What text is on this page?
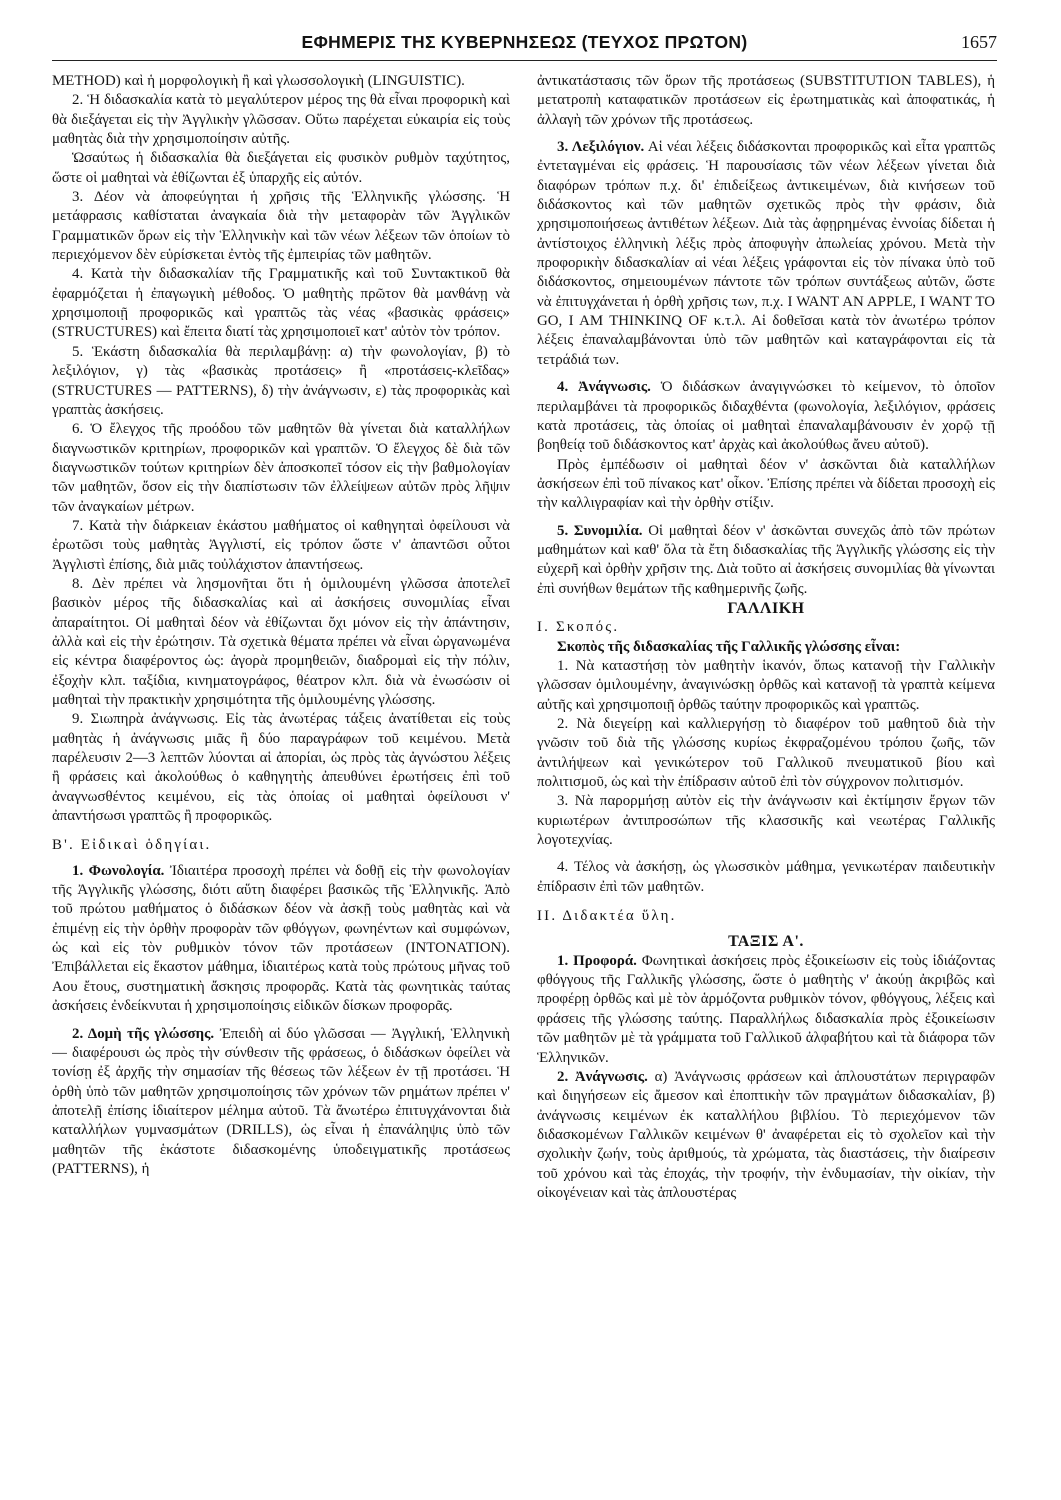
ΕΦΗΜΕΡΙΣ ΤΗΣ ΚΥΒΕΡΝΗΣΕΩΣ (ΤΕΥΧΟΣ ΠΡΩΤΟΝ)	1657

METHOD) καὶ ἡ μορφολογικὴ ἢ καὶ γλωσσολογικὴ (LINGUISTIC).

2. Ἡ διδασκαλία κατὰ τὸ μεγαλύτερον μέρος της θὰ εἶναι προφορικὴ καὶ θὰ διεξάγεται εἰς τὴν Ἀγγλικὴν γλῶσσαν. Οὕτω παρέχεται εὐκαιρία εἰς τοὺς μαθητὰς διὰ τὴν χρησιμοποίησιν αὐτῆς.

Ὡσαύτως ἡ διδασκαλία θὰ διεξάγεται εἰς φυσικὸν ρυθμὸν ταχύτητος, ὥστε οἱ μαθηταὶ νὰ ἐθίζωνται ἐξ ὑπαρχῆς εἰς αὐτόν.

3. Δέον νὰ ἀποφεύγηται ἡ χρῆσις τῆς Ἑλληνικῆς γλώσσης. Ἡ μετάφρασις καθίσταται ἀναγκαία διὰ τὴν μεταφορὰν τῶν Ἀγγλικῶν Γραμματικῶν ὅρων εἰς τὴν Ἑλληνικὴν καὶ τῶν νέων λέξεων τῶν ὁποίων τὸ περιεχόμενον δὲν εὑρίσκεται ἐντὸς τῆς ἐμπειρίας τῶν μαθητῶν.

4. Κατὰ τὴν διδασκαλίαν τῆς Γραμματικῆς καὶ τοῦ Συντακτικοῦ θὰ ἐφαρμόζεται ἡ ἐπαγωγικὴ μέθοδος. Ὁ μαθητὴς πρῶτον θὰ μανθάνῃ νὰ χρησιμοποιῇ προφορικῶς καὶ γραπτῶς τὰς νέας «βασικὰς φράσεις» (STRUCTURES) καὶ ἔπειτα διατί τὰς χρησιμοποιεῖ κατ' αὐτὸν τὸν τρόπον.

5. Ἑκάστη διδασκαλία θὰ περιλαμβάνῃ: α) τὴν φωνολογίαν, β) τὸ λεξιλόγιον, γ) τὰς «βασικὰς προτάσεις» ἢ «προτάσεις-κλεῖδας» (STRUCTURES — PATTERNS), δ) τὴν ἀνάγνωσιν, ε) τὰς προφορικὰς καὶ γραπτὰς ἀσκήσεις.

6. Ὁ ἔλεγχος τῆς προόδου τῶν μαθητῶν θὰ γίνεται διὰ καταλλήλων διαγνωστικῶν κριτηρίων, προφορικῶν καὶ γραπτῶν. Ὁ ἔλεγχος δὲ διὰ τῶν διαγνωστικῶν τούτων κριτηρίων δὲν ἀποσκοπεῖ τόσον εἰς τὴν βαθμολογίαν τῶν μαθητῶν, ὅσον εἰς τὴν διαπίστωσιν τῶν ἐλλείψεων αὐτῶν πρὸς λῆψιν τῶν ἀναγκαίων μέτρων.

7. Κατὰ τὴν διάρκειαν ἑκάστου μαθήματος οἱ καθηγηταὶ ὀφείλουσι νὰ ἐρωτῶσι τοὺς μαθητὰς Ἀγγλιστί, εἰς τρόπον ὥστε ν' ἀπαντῶσι οὗτοι Ἀγγλιστὶ ἐπίσης, διὰ μιᾶς τοὐλάχιστον ἀπαντήσεως.

8. Δὲν πρέπει νὰ λησμονῆται ὅτι ἡ ὁμιλουμένη γλῶσσα ἀποτελεῖ βασικὸν μέρος τῆς διδασκαλίας καὶ αἱ ἀσκήσεις συνομιλίας εἶναι ἀπαραίτητοι. Οἱ μαθηταὶ δέον νὰ ἐθίζωνται ὄχι μόνον εἰς τὴν ἀπάντησιν, ἀλλὰ καὶ εἰς τὴν ἐρώτησιν. Τὰ σχετικὰ θέματα πρέπει νὰ εἶναι ὠργανωμένα εἰς κέντρα διαφέροντος ὡς: ἀγορὰ προμηθειῶν, διαδρομαὶ εἰς τὴν πόλιν, ἐξοχὴν κλπ. ταξίδια, κινηματογράφος, θέατρον κλπ. διὰ νὰ ἐνωσώσιν οἱ μαθηταὶ τὴν πρακτικὴν χρησιμότητα τῆς ὁμιλουμένης γλώσσης.

9. Σιωπηρὰ ἀνάγνωσις. Εἰς τὰς ἀνωτέρας τάξεις ἀνατίθεται εἰς τοὺς μαθητὰς ἡ ἀνάγνωσις μιᾶς ἢ δύο παραγράφων τοῦ κειμένου. Μετὰ παρέλευσιν 2—3 λεπτῶν λύονται αἱ ἀπορίαι, ὡς πρὸς τὰς ἀγνώστου λέξεις ἢ φράσεις καὶ ἀκολούθως ὁ καθηγητὴς ἀπευθύνει ἐρωτήσεις ἐπὶ τοῦ ἀναγνωσθέντος κειμένου, εἰς τὰς ὁποίας οἱ μαθηταὶ ὀφείλουσι ν' ἀπαντήσωσι γραπτῶς ἢ προφορικῶς.

Β'. Εἰδικαὶ ὁδηγίαι.

1. Φωνολογία. Ἰδιαιτέρα προσοχὴ πρέπει νὰ δοθῇ εἰς τὴν φωνολογίαν τῆς Ἀγγλικῆς γλώσσης, διότι αὕτη διαφέρει βασικῶς τῆς Ἑλληνικῆς. Ἀπὸ τοῦ πρώτου μαθήματος ὁ διδάσκων δέον νὰ ἀσκῇ τοὺς μαθητὰς καὶ νὰ ἐπιμένῃ εἰς τὴν ὀρθὴν προφορὰν τῶν φθόγγων, φωνηέντων καὶ συμφώνων, ὡς καὶ εἰς τὸν ρυθμικὸν τόνον τῶν προτάσεων (INTONATION). Ἐπιβάλλεται εἰς ἕκαστον μάθημα, ἰδιαιτέρως κατὰ τοὺς πρώτους μῆνας τοῦ Αου ἔτους, συστηματικὴ ἄσκησις προφορᾶς. Κατὰ τὰς φωνητικὰς ταύτας ἀσκήσεις ἐνδείκνυται ἡ χρησιμοποίησις εἰδικῶν δίσκων προφορᾶς.

2. Δομὴ τῆς γλώσσης. Ἐπειδὴ αἱ δύο γλῶσσαι — Ἀγγλική, Ἑλληνικὴ — διαφέρουσι ὡς πρὸς τὴν σύνθεσιν τῆς φράσεως, ὁ διδάσκων ὀφείλει νὰ τονίσῃ ἐξ ἀρχῆς τὴν σημασίαν τῆς θέσεως τῶν λέξεων ἐν τῇ προτάσει. Ἡ ὀρθὴ ὑπὸ τῶν μαθητῶν χρησιμοποίησις τῶν χρόνων τῶν ρημάτων πρέπει ν' ἀποτελῇ ἐπίσης ἰδιαίτερον μέλημα αὐτοῦ. Τὰ ἄνωτέρω ἐπιτυγχάνονται διὰ καταλλήλων γυμνασμάτων (DRILLS), ὡς εἶναι ἡ ἐπανάληψις ὑπὸ τῶν μαθητῶν τῆς ἑκάστοτε διδασκομένης ὑποδειγματικῆς προτάσεως (PATTERNS), ἡ

ἀντικατάστασις τῶν ὅρων τῆς προτάσεως (SUBSTITUTION TABLES), ἡ μετατροπὴ καταφατικῶν προτάσεων εἰς ἐρωτηματικὰς καὶ ἀποφατικάς, ἡ ἀλλαγὴ τῶν χρόνων τῆς προτάσεως.

3. Λεξιλόγιον. Αἱ νέαι λέξεις διδάσκονται προφορικῶς καὶ εἶτα γραπτῶς ἐντεταγμέναι εἰς φράσεις. Ἡ παρουσίασις τῶν νέων λέξεων γίνεται διὰ διαφόρων τρόπων π.χ. δι' ἐπιδείξεως ἀντικειμένων, διὰ κινήσεων τοῦ διδάσκοντος καὶ τῶν μαθητῶν σχετικῶς πρὸς τὴν φράσιν, διὰ χρησιμοποιήσεως ἀντιθέτων λέξεων. Διὰ τὰς ἀφῃρημένας ἐννοίας δίδεται ἡ ἀντίστοιχος ἑλληνικὴ λέξις πρὸς ἀποφυγὴν ἀπωλείας χρόνου. Μετὰ τὴν προφορικὴν διδασκαλίαν αἱ νέαι λέξεις γράφονται εἰς τὸν πίνακα ὑπὸ τοῦ διδάσκοντος, σημειουμένων πάντοτε τῶν τρόπων συντάξεως αὐτῶν, ὥστε νὰ ἐπιτυγχάνεται ἡ ὀρθὴ χρῆσις των, π.χ. I WANT AN APPLE, I WANT TO GO, I AM THINKINQ OF κ.τ.λ. Αἱ δοθεῖσαι κατὰ τὸν ἀνωτέρω τρόπον λέξεις ἐπαναλαμβάνονται ὑπὸ τῶν μαθητῶν καὶ καταγράφονται εἰς τὰ τετράδιά των.

4. Ἀνάγνωσις. Ὁ διδάσκων ἀναγιγνώσκει τὸ κείμενον, τὸ ὁποῖον περιλαμβάνει τὰ προφορικῶς διδαχθέντα (φωνολογία, λεξιλόγιον, φράσεις κατὰ προτάσεις, τὰς ὁποίας οἱ μαθηταὶ ἐπαναλαμβάνουσιν ἐν χορῷ τῇ βοηθείᾳ τοῦ διδάσκοντος κατ' ἀρχὰς καὶ ἀκολούθως ἄνευ αὐτοῦ).

Πρὸς ἐμπέδωσιν οἱ μαθηταὶ δέον ν' ἀσκῶνται διὰ καταλλήλων ἀσκήσεων ἐπὶ τοῦ πίνακος κατ' οἶκον. Ἐπίσης πρέπει νὰ δίδεται προσοχὴ εἰς τὴν καλλιγραφίαν καὶ τὴν ὀρθὴν στίξιν.

5. Συνομιλία. Οἱ μαθηταὶ δέον ν' ἀσκῶνται συνεχῶς ἀπὸ τῶν πρώτων μαθημάτων καὶ καθ' ὅλα τὰ ἔτη διδασκαλίας τῆς Ἀγγλικῆς γλώσσης εἰς τὴν εὐχερῆ καὶ ὀρθὴν χρῆσιν της. Διὰ τοῦτο αἱ ἀσκήσεις συνομιλίας θὰ γίνωνται ἐπὶ συνήθων θεμάτων τῆς καθημερινῆς ζωῆς.

ΓΑΛΛΙΚΗ

Ι. Σκοπός.

Σκοπὸς τῆς διδασκαλίας τῆς Γαλλικῆς γλώσσης εἶναι:

1. Νὰ καταστήσῃ τὸν μαθητὴν ἱκανόν, ὅπως κατανοῇ τὴν Γαλλικὴν γλῶσσαν ὁμιλουμένην, ἀναγινώσκῃ ὀρθῶς καὶ κατανοῇ τὰ γραπτὰ κείμενα αὐτῆς καὶ χρησιμοποιῇ ὀρθῶς ταύτην προφορικῶς καὶ γραπτῶς.

2. Νὰ διεγείρῃ καὶ καλλιεργήσῃ τὸ διαφέρον τοῦ μαθητοῦ διὰ τὴν γνῶσιν τοῦ διὰ τῆς γλώσσης κυρίως ἐκφραζομένου τρόπου ζωῆς, τῶν ἀντιλήψεων καὶ γενικώτερον τοῦ Γαλλικοῦ πνευματικοῦ βίου καὶ πολιτισμοῦ, ὡς καὶ τὴν ἐπίδρασιν αὐτοῦ ἐπὶ τὸν σύγχρονον πολιτισμόν.

3. Νὰ παρορμήσῃ αὐτὸν εἰς τὴν ἀνάγνωσιν καὶ ἐκτίμησιν ἔργων τῶν κυριωτέρων ἀντιπροσώπων τῆς κλασσικῆς καὶ νεωτέρας Γαλλικῆς λογοτεχνίας.

4. Τέλος νὰ ἀσκήσῃ, ὡς γλωσσικὸν μάθημα, γενικωτέραν παιδευτικὴν ἐπίδρασιν ἐπὶ τῶν μαθητῶν.

ΙΙ. Διδακτέα ὕλη.

ΤΑΞΙΣ Α'.

1. Προφορά. Φωνητικαὶ ἀσκήσεις πρὸς ἐξοικείωσιν εἰς τοὺς ἰδιάζοντας φθόγγους τῆς Γαλλικῆς γλώσσης, ὥστε ὁ μαθητὴς ν' ἀκούῃ ἀκριβῶς καὶ προφέρῃ ὀρθῶς καὶ μὲ τὸν ἁρμόζοντα ρυθμικὸν τόνον, φθόγγους, λέξεις καὶ φράσεις τῆς γλώσσης ταύτης. Παραλλήλως διδασκαλία πρὸς ἐξοικείωσιν τῶν μαθητῶν μὲ τὰ γράμματα τοῦ Γαλλικοῦ ἀλφαβήτου καὶ τὰ διάφορα τῶν Ἑλληνικῶν.

2. Ἀνάγνωσις. α) Ἀνάγνωσις φράσεων καὶ ἁπλουστάτων περιγραφῶν καὶ διηγήσεων εἰς ἄμεσον καὶ ἐποπτικὴν τῶν πραγμάτων διδασκαλίαν, β) ἀνάγνωσις κειμένων ἐκ καταλλήλου βιβλίου. Τὸ περιεχόμενον τῶν διδασκομένων Γαλλικῶν κειμένων θ' ἀναφέρεται εἰς τὸ σχολεῖον καὶ τὴν σχολικὴν ζωήν, τοὺς ἀριθμούς, τὰ χρώματα, τὰς διαστάσεις, τὴν διαίρεσιν τοῦ χρόνου καὶ τὰς ἐποχάς, τὴν τροφήν, τὴν ἐνδυμασίαν, τὴν οἰκίαν, τὴν οἰκογένειαν καὶ τὰς ἁπλουστέρας
